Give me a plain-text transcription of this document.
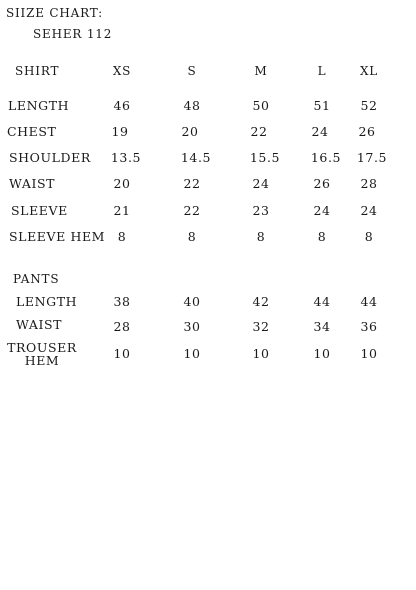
SIIZE CHART:
SEHER 112
SHIRT	XS	S	M	L	XL
LENGTH	46	48	50	51	52
CHEST	19	20	22	24	26
SHOULDER	13.5	14.5	15.5	16.5	17.5
WAIST	20	22	24	26	28
SLEEVE	21	22	23	24	24
SLEEVE HEM	8	8	8	8	8
PANTS
LENGTH	38	40	42	44	44
WAIST	28	30	32	34	36
TROUSER
HEM	10	10	10	10	10
